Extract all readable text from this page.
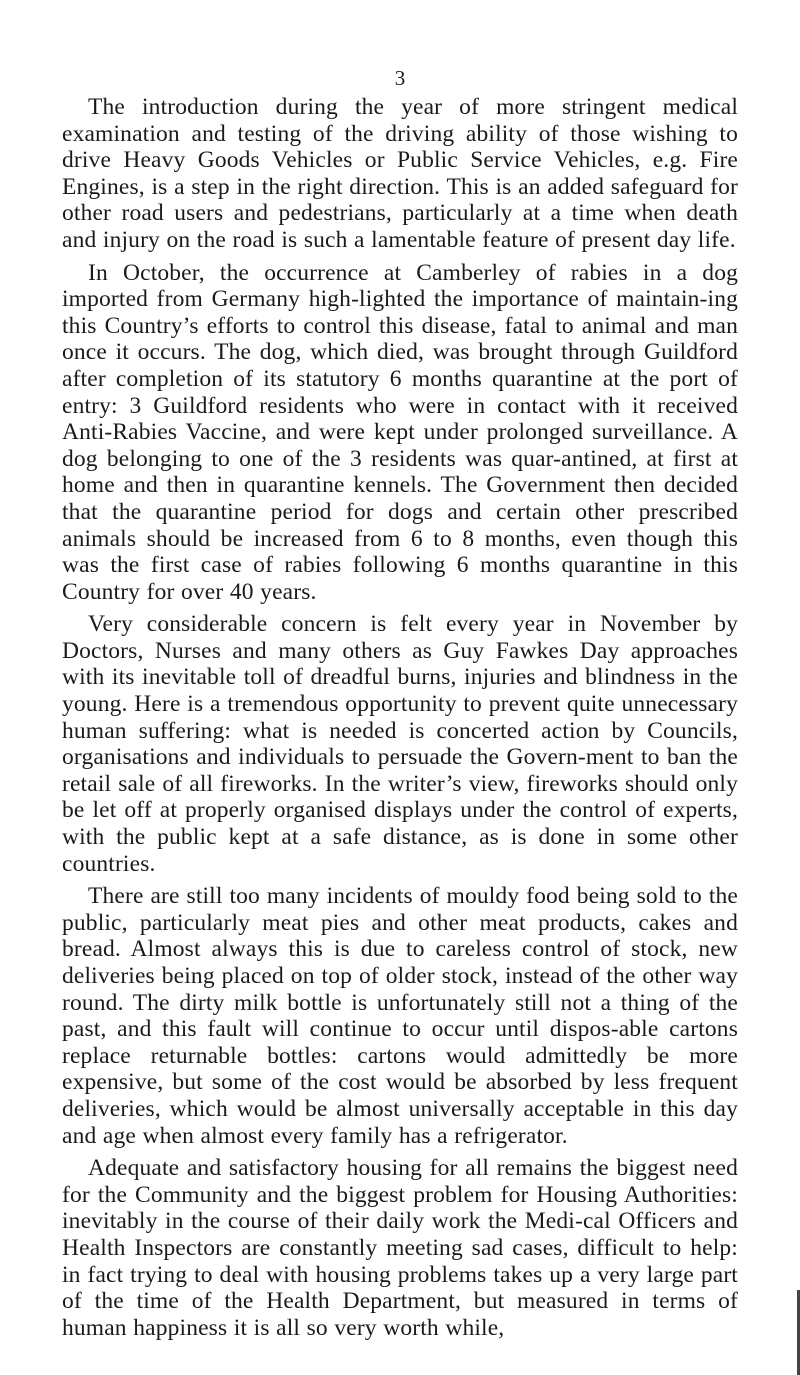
3

The introduction during the year of more stringent medical examination and testing of the driving ability of those wishing to drive Heavy Goods Vehicles or Public Service Vehicles, e.g. Fire Engines, is a step in the right direction. This is an added safeguard for other road users and pedestrians, particularly at a time when death and injury on the road is such a lamentable feature of present day life.

In October, the occurrence at Camberley of rabies in a dog imported from Germany high-lighted the importance of maintain-ing this Country’s efforts to control this disease, fatal to animal and man once it occurs. The dog, which died, was brought through Guildford after completion of its statutory 6 months quarantine at the port of entry: 3 Guildford residents who were in contact with it received Anti-Rabies Vaccine, and were kept under prolonged surveillance. A dog belonging to one of the 3 residents was quar-antined, at first at home and then in quarantine kennels. The Government then decided that the quarantine period for dogs and certain other prescribed animals should be increased from 6 to 8 months, even though this was the first case of rabies following 6 months quarantine in this Country for over 40 years.

Very considerable concern is felt every year in November by Doctors, Nurses and many others as Guy Fawkes Day approaches with its inevitable toll of dreadful burns, injuries and blindness in the young. Here is a tremendous opportunity to prevent quite unnecessary human suffering: what is needed is concerted action by Councils, organisations and individuals to persuade the Govern-ment to ban the retail sale of all fireworks. In the writer’s view, fireworks should only be let off at properly organised displays under the control of experts, with the public kept at a safe distance, as is done in some other countries.

There are still too many incidents of mouldy food being sold to the public, particularly meat pies and other meat products, cakes and bread. Almost always this is due to careless control of stock, new deliveries being placed on top of older stock, instead of the other way round. The dirty milk bottle is unfortunately still not a thing of the past, and this fault will continue to occur until dispos-able cartons replace returnable bottles: cartons would admittedly be more expensive, but some of the cost would be absorbed by less frequent deliveries, which would be almost universally acceptable in this day and age when almost every family has a refrigerator.

Adequate and satisfactory housing for all remains the biggest need for the Community and the biggest problem for Housing Authorities: inevitably in the course of their daily work the Medi-cal Officers and Health Inspectors are constantly meeting sad cases, difficult to help: in fact trying to deal with housing problems takes up a very large part of the time of the Health Department, but measured in terms of human happiness it is all so very worth while,
